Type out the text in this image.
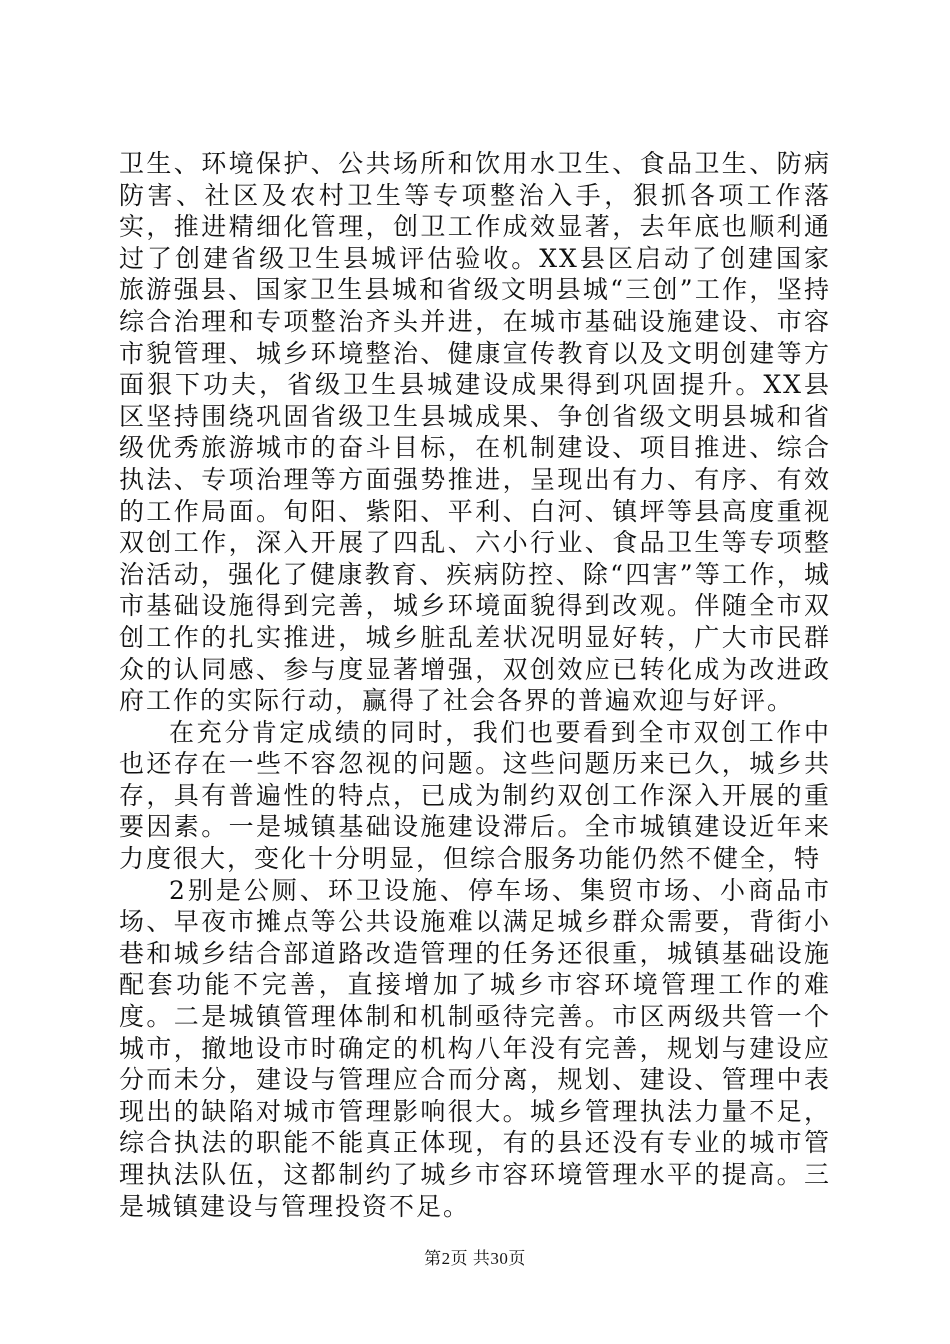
卫生、环境保护、公共场所和饮用水卫生、食品卫生、防病防害、社区及农村卫生等专项整治入手，狠抓各项工作落实，推进精细化管理，创卫工作成效显著，去年底也顺利通过了创建省级卫生县城评估验收。XX县区启动了创建国家旅游强县、国家卫生县城和省级文明县城“三创”工作，坚持综合治理和专项整治齐头并进，在城市基础设施建设、市容市貌管理、城乡环境整治、健康宣传教育以及文明创建等方面狠下功夫，省级卫生县城建设成果得到巩固提升。XX县区坚持围绕巩固省级卫生县城成果、争创省级文明县城和省级优秀旅游城市的奋斗目标，在机制建设、项目推进、综合执法、专项治理等方面强势推进，呈现出有力、有序、有效的工作局面。旬阳、紫阳、平利、白河、镇坪等县高度重视双创工作，深入开展了四乱、六小行业、食品卫生等专项整治活动，强化了健康教育、疾病防控、除“四害”等工作，城市基础设施得到完善，城乡环境面貌得到改观。伴随全市双创工作的扎实推进，城乡脏乱差状况明显好转，广大市民群众的认同感、参与度显著增强，双创效应已转化成为改进政府工作的实际行动，赢得了社会各界的普遍欢迎与好评。

在充分肯定成绩的同时，我们也要看到全市双创工作中也还存在一些不容忽视的问题。这些问题历来已久，城乡共存，具有普遍性的特点，已成为制约双创工作深入开展的重要因素。一是城镇基础设施建设滞后。全市城镇建设近年来力度很大，变化十分明显，但综合服务功能仍然不健全，特

2别是公厕、环卫设施、停车场、集贸市场、小商品市场、早夜市摊点等公共设施难以满足城乡群众需要，背街小巷和城乡结合部道路改造管理的任务还很重，城镇基础设施配套功能不完善，直接增加了城乡市容环境管理工作的难度。二是城镇管理体制和机制亟待完善。市区两级共管一个城市，撤地设市时确定的机构八年没有完善，规划与建设应分而未分，建设与管理应合而分离，规划、建设、管理中表现出的缺陷对城市管理影响很大。城乡管理执法力量不足，综合执法的职能不能真正体现，有的县还没有专业的城市管理执法队伍，这都制约了城乡市容环境管理水平的提高。三是城镇建设与管理投资不足。

第2页 共30页
